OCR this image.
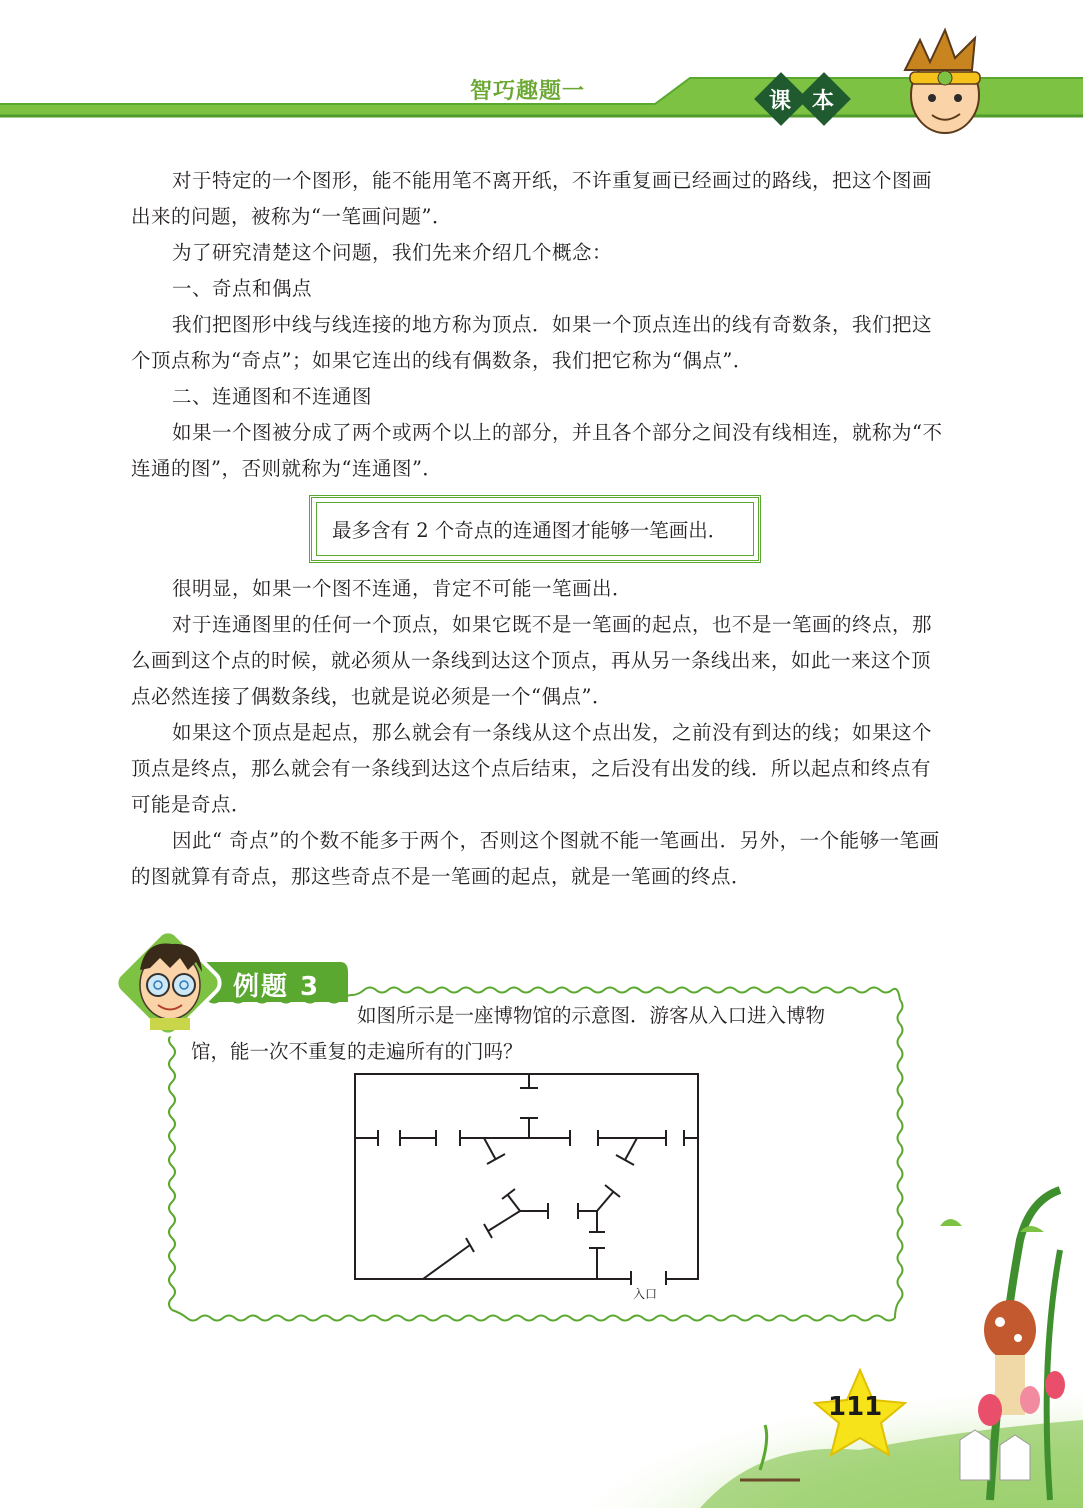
智巧趣题一	课 本

对于特定的一个图形，能不能用笔不离开纸，不许重复画已经画过的路线，把这个图画出来的问题，被称为“一笔画问题”．

为了研究清楚这个问题，我们先来介绍几个概念：

一、奇点和偶点

我们把图形中线与线连接的地方称为顶点．如果一个顶点连出的线有奇数条，我们把这个顶点称为“奇点”；如果它连出的线有偶数条，我们把它称为“偶点”．

二、连通图和不连通图

如果一个图被分成了两个或两个以上的部分，并且各个部分之间没有线相连，就称为“不连通的图”，否则就称为“连通图”．

最多含有 2 个奇点的连通图才能够一笔画出．

很明显，如果一个图不连通，肯定不可能一笔画出．

对于连通图里的任何一个顶点，如果它既不是一笔画的起点，也不是一笔画的终点，那么画到这个点的时候，就必须从一条线到达这个顶点，再从另一条线出来，如此一来这个顶点必然连接了偶数条线，也就是说必须是一个“偶点”．

如果这个顶点是起点，那么就会有一条线从这个点出发，之前没有到达的线；如果这个顶点是终点，那么就会有一条线到达这个点后结束，之后没有出发的线．所以起点和终点有可能是奇点．

因此“ 奇点”的个数不能多于两个，否则这个图就不能一笔画出．另外，一个能够一笔画的图就算有奇点，那这些奇点不是一笔画的起点，就是一笔画的终点．

例题 3
如图所示是一座博物馆的示意图．游客从入口进入博物
馆，能一次不重复的走遍所有的门吗？
入口
111
